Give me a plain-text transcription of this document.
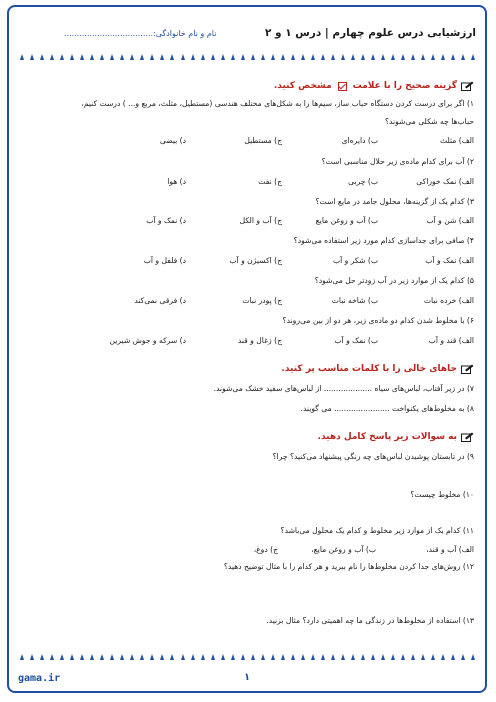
ارزشیابی درس علوم چهارم | درس ۱ و ۲
نام و نام خانوادگی:...................................
گزینه صحیح را با علامت
مشخص کنید.
۱) اگر برای درست کردن دستگاه حباب ساز، سیم‌ها را به شکل‌های مختلف هندسی (مستطیل، مثلث، مربع و... ) درست کنیم،
حباب‌ها چه شکلی می‌شوند؟
الف) مثلث
ب) دایره‌ای
ج) مستطیل
د) بیضی
۲) آب برای کدام ماده‌ی زیر حلال مناسبی است؟
الف) نمک خوراکی
ب) چربی
ج) نفت
د) هوا
۳) کدام یک از گزینه‌ها، محلول جامد در مایع است؟
الف) شن و آب
ب) آب و روغن مایع
ج) آب و الکل
د) نمک و آب
۴) صافی برای جداسازی کدام مورد زیر استفاده می‌شود؟
الف) نمک و آب
ب) شکر و آب
ج) اکسیژن و آب
د) فلفل و آب
۵) کدام یک از موارد زیر در آب زودتر حل می‌شود؟
الف) خرده نبات
ب) شاخه نبات
ج) پودر نبات
د) فرقی نمی‌کند
۶) با مخلوط شدن کدام دو ماده‌ی زیر، هر دو از بین می‌روند؟
الف) قند و آب
ب) نمک و آب
ج) زغال و قند
د) سرکه و جوش شیرین
جاهای خالی را با کلمات مناسب پر کنید.
۷) در زیر آفتاب، لباس‌های سیاه .................... از لباس‌های سفید خشک می‌شوند.
۸) به مخلوط‌های یکنواخت ....................... می گویند.
به سوالات زیر پاسخ کامل دهید.
۹) در تابستان پوشیدن لباس‌های چه رنگی پیشنهاد می‌کنید؟ چرا؟
۱۰) مخلوط چیست؟
۱۱) کدام یک از موارد زیر مخلوط و کدام یک محلول می‌باشد؟
الف) آب و قند،
ب) آب و روغن مایع،
ج) دوغ،
۱۲) روش‌های جدا کردن مخلوط‌ها را نام ببرید و هر کدام را با مثال توضیح دهید؟
۱۳) استفاده از مخلوط‌ها در زندگی ما چه اهمیتی دارد؟ مثال بزنید.
gama.ir	۱
